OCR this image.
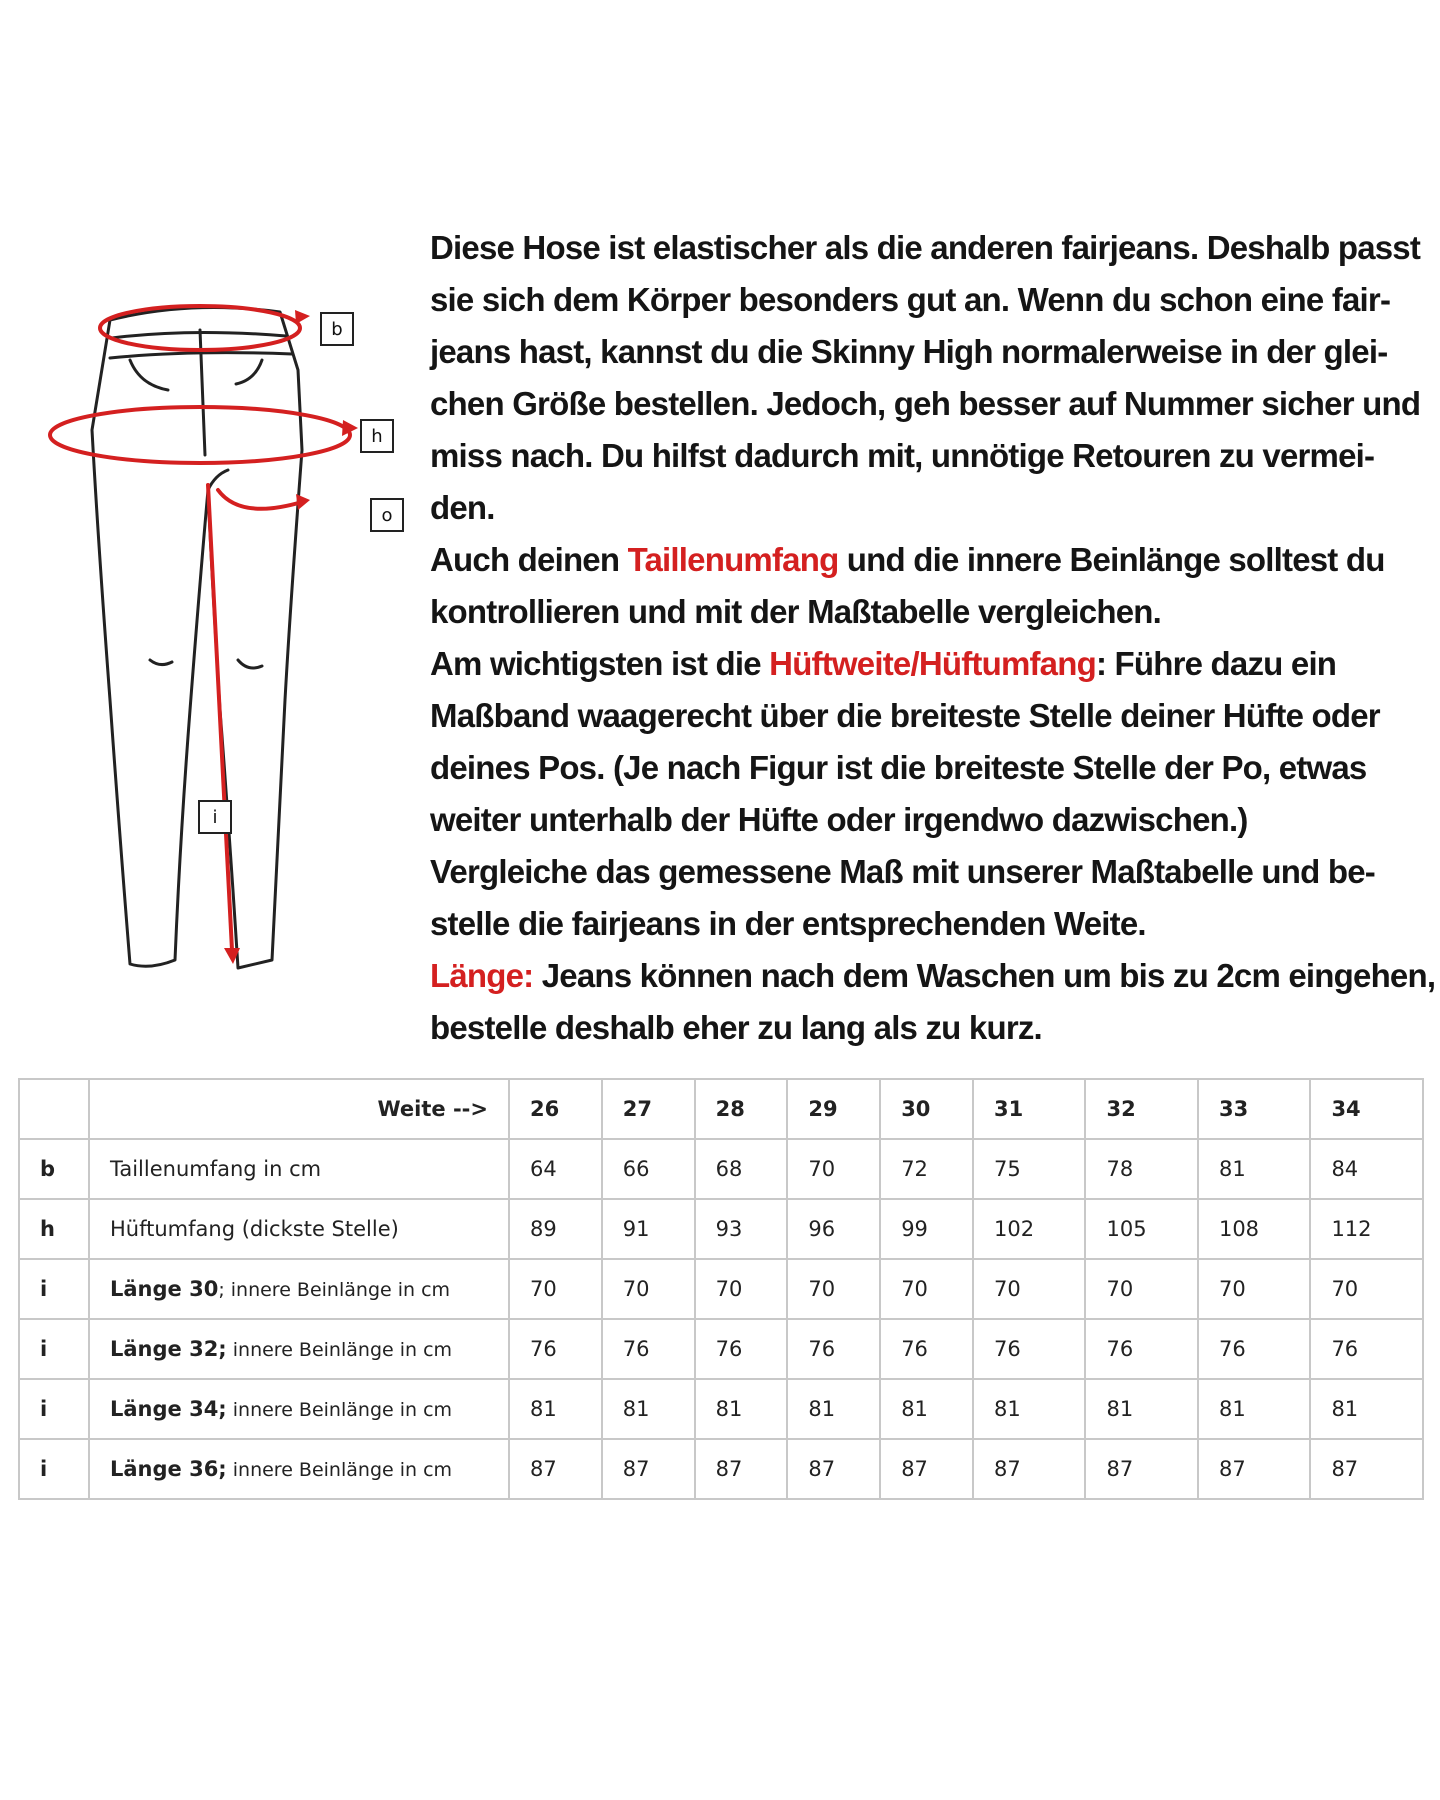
b
h
o
i

Diese Hose ist elastischer als die anderen fairjeans. Deshalb passt

sie sich dem Körper besonders gut an. Wenn du schon eine fair-

jeans hast, kannst du die Skinny High normalerweise in der glei-

chen Größe bestellen. Jedoch, geh besser auf Nummer sicher und

miss nach. Du hilfst dadurch mit, unnötige Retouren zu vermei-

den.

Auch deinen Taillenumfang und die innere Beinlänge solltest du

kontrollieren und mit der Maßtabelle vergleichen.

Am wichtigsten ist die Hüftweite/Hüftumfang: Führe dazu ein

Maßband waagerecht über die breiteste Stelle deiner Hüfte oder

deines Pos. (Je nach Figur ist die breiteste Stelle der Po, etwas

weiter unterhalb der Hüfte oder irgendwo dazwischen.)

Vergleiche das gemessene Maß mit unserer Maßtabelle und be-

stelle die fairjeans in der entsprechenden Weite.

Länge: Jeans können nach dem Waschen um bis zu 2cm eingehen,

bestelle deshalb eher zu lang als zu kurz.

	Weite -->	26	27	28	29	30	31	32	33	34
b	Taillenumfang in cm	64	66	68	70	72	75	78	81	84
h	Hüftumfang (dickste Stelle)	89	91	93	96	99	102	105	108	112
i	Länge 30; innere Beinlänge in cm	70	70	70	70	70	70	70	70	70
i	Länge 32; innere Beinlänge in cm	76	76	76	76	76	76	76	76	76
i	Länge 34; innere Beinlänge in cm	81	81	81	81	81	81	81	81	81
i	Länge 36; innere Beinlänge in cm	87	87	87	87	87	87	87	87	87
